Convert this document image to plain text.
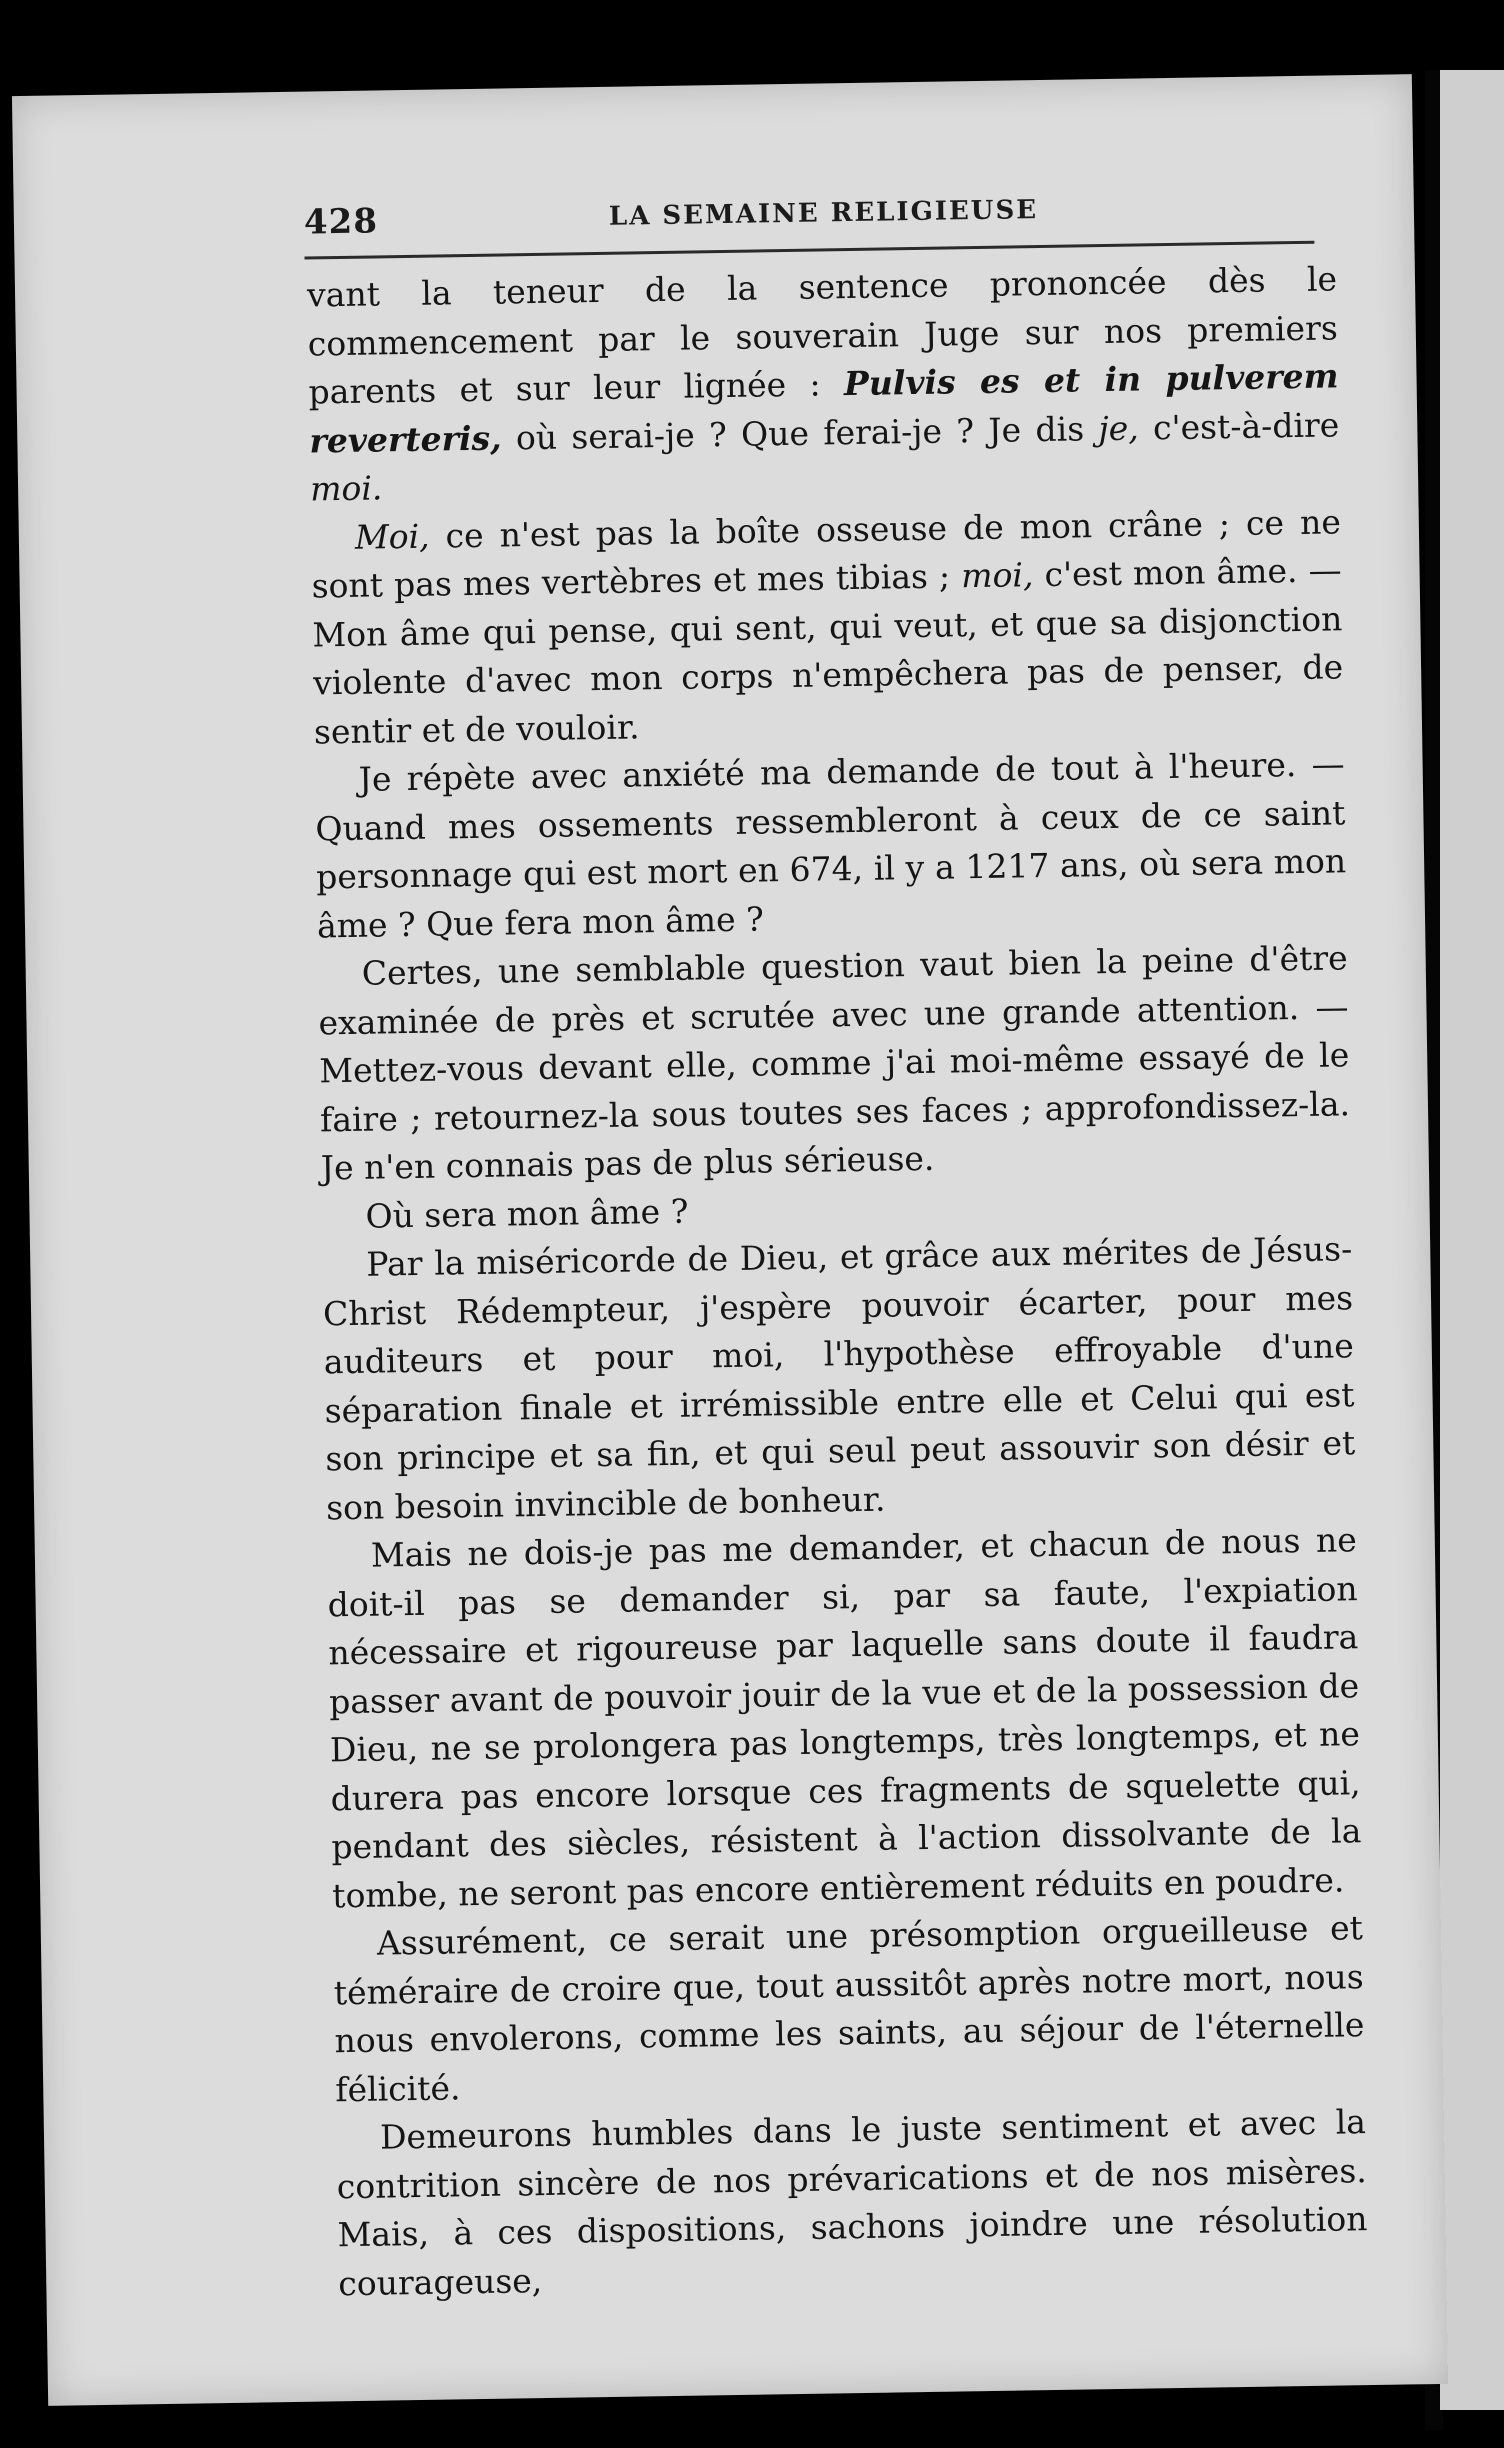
428	LA SEMAINE RELIGIEUSE

vant la teneur de la sentence prononcée dès le commencement par le souverain Juge sur nos premiers parents et sur leur lignée : Pulvis es et in pulverem reverteris, où serai-je ? Que ferai-je ? Je dis je, c'est-à-dire moi.

Moi, ce n'est pas la boîte osseuse de mon crâne ; ce ne sont pas mes vertèbres et mes tibias ; moi, c'est mon âme. — Mon âme qui pense, qui sent, qui veut, et que sa disjonction violente d'avec mon corps n'empêchera pas de penser, de sentir et de vouloir.

Je répète avec anxiété ma demande de tout à l'heure. — Quand mes ossements ressembleront à ceux de ce saint personnage qui est mort en 674, il y a 1217 ans, où sera mon âme ? Que fera mon âme ?

Certes, une semblable question vaut bien la peine d'être examinée de près et scrutée avec une grande attention. — Mettez-vous devant elle, comme j'ai moi-même essayé de le faire ; retournez-la sous toutes ses faces ; approfondissez-la. Je n'en connais pas de plus sérieuse.

Où sera mon âme ?

Par la miséricorde de Dieu, et grâce aux mérites de Jésus-Christ Rédempteur, j'espère pouvoir écarter, pour mes auditeurs et pour moi, l'hypothèse effroyable d'une séparation finale et irrémissible entre elle et Celui qui est son principe et sa fin, et qui seul peut assouvir son désir et son besoin invincible de bonheur.

Mais ne dois-je pas me demander, et chacun de nous ne doit-il pas se demander si, par sa faute, l'expiation nécessaire et rigoureuse par laquelle sans doute il faudra passer avant de pouvoir jouir de la vue et de la possession de Dieu, ne se prolongera pas longtemps, très longtemps, et ne durera pas encore lorsque ces fragments de squelette qui, pendant des siècles, résistent à l'action dissolvante de la tombe, ne seront pas encore entièrement réduits en poudre.

Assurément, ce serait une présomption orgueilleuse et téméraire de croire que, tout aussitôt après notre mort, nous nous envolerons, comme les saints, au séjour de l'éternelle félicité.

Demeurons humbles dans le juste sentiment et avec la contrition sincère de nos prévarications et de nos misères. Mais, à ces dispositions, sachons joindre une résolution courageuse,
